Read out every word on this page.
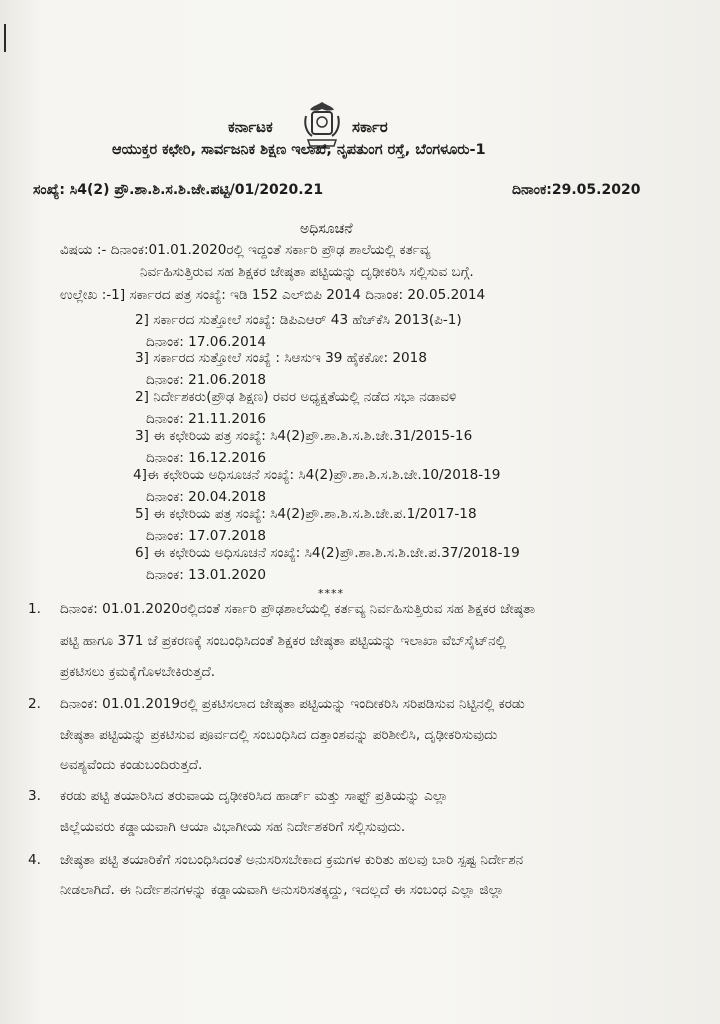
ಕರ್ನಾಟಕ	ಸರ್ಕಾರ
ಆಯುಕ್ತರ ಕಛೇರಿ, ಸಾರ್ವಜನಿಕ ಶಿಕ್ಷಣ ಇಲಾಖೆ, ನೃಪತುಂಗ ರಸ್ತೆ, ಬೆಂಗಳೂರು-1
ಸಂಖ್ಯೆ: ಸಿ4(2) ಪ್ರೌ.ಶಾ.ಶಿ.ಸ.ಶಿ.ಜೇ.ಪಟ್ಟಿ/01/2020.21	ದಿನಾಂಕ:29.05.2020
ಅಧಿಸೂಚನೆ
ವಿಷಯ :- ದಿನಾಂಕ:01.01.2020ರಲ್ಲಿ ಇದ್ದಂತೆ ಸರ್ಕಾರಿ ಪ್ರೌಢ ಶಾಲೆಯಲ್ಲಿ ಕರ್ತವ್ಯ
ನಿರ್ವಹಿಸುತ್ತಿರುವ ಸಹ ಶಿಕ್ಷಕರ ಜೇಷ್ಠತಾ ಪಟ್ಟಿಯನ್ನು ದೃಢೀಕರಿಸಿ ಸಲ್ಲಿಸುವ ಬಗ್ಗೆ.
ಉಲ್ಲೇಖ :-1] ಸರ್ಕಾರದ ಪತ್ರ ಸಂಖ್ಯೆ: ಇಡಿ 152 ಎಲ್‌ಬಿಪಿ 2014 ದಿನಾಂಕ: 20.05.2014
2] ಸರ್ಕಾರದ ಸುತ್ತೋಲೆ ಸಂಖ್ಯೆ: ಡಿಪಿಎಆರ್ 43 ಹೆಚ್‌ಕೆಸಿ 2013(ಪಿ-1)
ದಿನಾಂಕ: 17.06.2014
3] ಸರ್ಕಾರದ ಸುತ್ತೋಲೆ ಸಂಖ್ಯೆ : ಸಿಆಸುಇ 39 ಹೈಕಕೋ: 2018
ದಿನಾಂಕ: 21.06.2018
2] ನಿರ್ದೇಶಕರು(ಪ್ರೌಢ ಶಿಕ್ಷಣ) ರವರ ಅಧ್ಯಕ್ಷತೆಯಲ್ಲಿ ನಡೆದ ಸಭಾ ನಡಾವಳಿ
ದಿನಾಂಕ: 21.11.2016
3] ಈ ಕಛೇರಿಯ ಪತ್ರ ಸಂಖ್ಯೆ: ಸಿ4(2)ಪ್ರೌ.ಶಾ.ಶಿ.ಸ.ಶಿ.ಜೇ.31/2015-16
ದಿನಾಂಕ: 16.12.2016
4]ಈ ಕಛೇರಿಯ ಅಧಿಸೂಚನೆ ಸಂಖ್ಯೆ: ಸಿ4(2)ಪ್ರೌ.ಶಾ.ಶಿ.ಸ.ಶಿ.ಜೇ.10/2018-19
ದಿನಾಂಕ: 20.04.2018
5] ಈ ಕಛೇರಿಯ ಪತ್ರ ಸಂಖ್ಯೆ: ಸಿ4(2)ಪ್ರೌ.ಶಾ.ಶಿ.ಸ.ಶಿ.ಜೇ.ಪ.1/2017-18
ದಿನಾಂಕ: 17.07.2018
6] ಈ ಕಛೇರಿಯ ಅಧಿಸೂಚನೆ ಸಂಖ್ಯೆ: ಸಿ4(2)ಪ್ರೌ.ಶಾ.ಶಿ.ಸ.ಶಿ.ಜೇ.ಪ.37/2018-19
ದಿನಾಂಕ: 13.01.2020
****
1. ದಿನಾಂಕ: 01.01.2020ರಲ್ಲಿದಂತೆ ಸರ್ಕಾರಿ ಪ್ರೌಢಶಾಲೆಯಲ್ಲಿ ಕರ್ತವ್ಯ ನಿರ್ವಹಿಸುತ್ತಿರುವ ಸಹ ಶಿಕ್ಷಕರ ಜೇಷ್ಠತಾ
ಪಟ್ಟಿ ಹಾಗೂ 371 ಜೆ ಪ್ರಕರಣಕ್ಕೆ ಸಂಬಂಧಿಸಿದಂತೆ ಶಿಕ್ಷಕರ ಜೇಷ್ಠತಾ ಪಟ್ಟಿಯನ್ನು ಇಲಾಖಾ ವೆಬ್‌ಸೈಟ್‌ನಲ್ಲಿ
ಪ್ರಕಟಿಸಲು ಕ್ರಮಕೈಗೊಳಬೇಕಿರುತ್ತದೆ.
2. ದಿನಾಂಕ: 01.01.2019ರಲ್ಲಿ ಪ್ರಕಟಿಸಲಾದ ಜೇಷ್ಠತಾ ಪಟ್ಟಿಯನ್ನು ಇಂದೀಕರಿಸಿ ಸರಿಪಡಿಸುವ ನಿಟ್ಟಿನಲ್ಲಿ ಕರಡು
ಜೇಷ್ಠತಾ ಪಟ್ಟಿಯನ್ನು ಪ್ರಕಟಿಸುವ ಪೂರ್ವದಲ್ಲಿ ಸಂಬಂಧಿಸಿದ ದತ್ತಾಂಶವನ್ನು ಪರಿಶೀಲಿಸಿ, ದೃಢೀಕರಿಸುವುದು
ಅವಶ್ಯವೆಂದು ಕಂಡುಬಂದಿರುತ್ತದೆ.
3. ಕರಡು ಪಟ್ಟಿ ತಯಾರಿಸಿದ ತರುವಾಯ ದೃಢೀಕರಿಸಿದ ಹಾರ್ಡ್ ಮತ್ತು ಸಾಫ್ಟ್ ಪ್ರತಿಯನ್ನು ಎಲ್ಲಾ
ಜಿಲ್ಲೆಯವರು ಕಡ್ಡಾಯವಾಗಿ ಆಯಾ ವಿಭಾಗೀಯ ಸಹ ನಿರ್ದೇಶಕರಿಗೆ ಸಲ್ಲಿಸುವುದು.
4. ಜೇಷ್ಠತಾ ಪಟ್ಟಿ ತಯಾರಿಕೆಗೆ ಸಂಬಂಧಿಸಿದಂತೆ ಅನುಸರಿಸಬೇಕಾದ ಕ್ರಮಗಳ ಕುರಿತು ಹಲವು ಬಾರಿ ಸ್ಪಷ್ಟ ನಿರ್ದೇಶನ
ನೀಡಲಾಗಿದೆ. ಈ ನಿರ್ದೇಶನಗಳನ್ನು ಕಡ್ಡಾಯವಾಗಿ ಅನುಸರಿಸತಕ್ಕದ್ದು, ಇದಲ್ಲದೆ ಈ ಸಂಬಂಧ ಎಲ್ಲಾ ಜಿಲ್ಲಾ
